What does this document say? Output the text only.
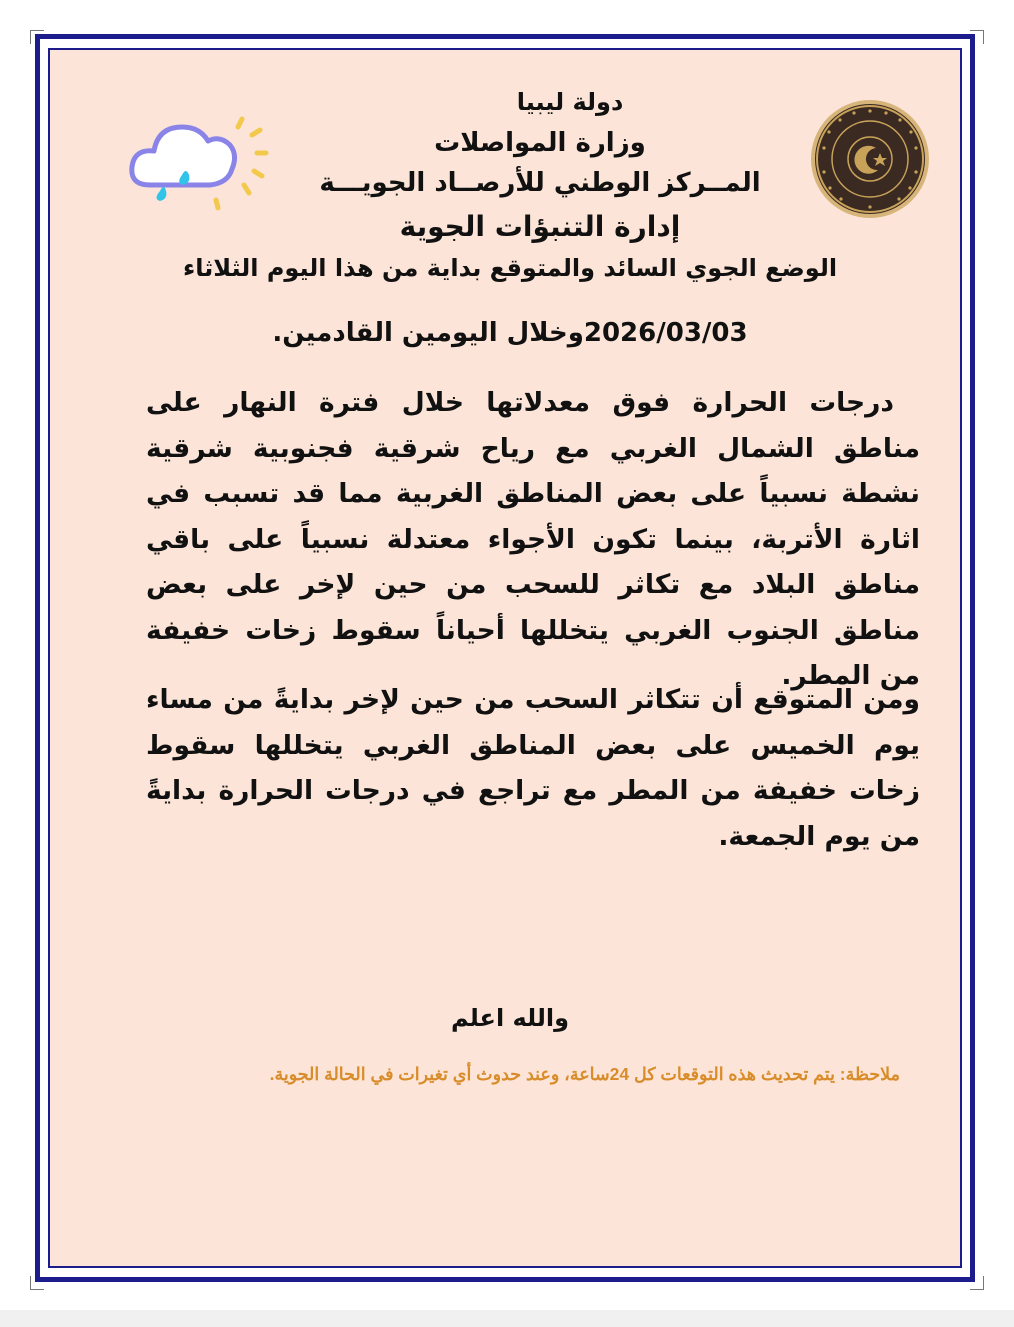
دولة ليبيا
وزارة المواصلات
المــركز الوطني للأرصــاد الجويـــة
إدارة التنبؤات الجوية
الوضع الجوي السائد والمتوقع بداية من هذا اليوم الثلاثاء
2026/03/03وخلال اليومين القادمين.
درجات الحرارة فوق معدلاتها خلال فترة النهار على مناطق الشمال الغربي مع رياح شرقية فجنوبية شرقية نشطة نسبياً على بعض المناطق الغربية مما قد تسبب في اثارة الأتربة، بينما تكون الأجواء معتدلة نسبياً على باقي مناطق البلاد مع تكاثر للسحب من حين لإخر على بعض مناطق الجنوب الغربي يتخللها أحياناً سقوط زخات خفيفة من المطر.
ومن المتوقع أن تتكاثر السحب من حين لإخر بدايةً من مساء يوم الخميس على بعض المناطق الغربي يتخللها سقوط زخات خفيفة من المطر مع تراجع في درجات الحرارة بدايةً من يوم الجمعة.
والله اعلم
ملاحظة: يتم تحديث هذه التوقعات كل 24ساعة، وعند حدوث أي تغيرات في الحالة الجوية.
